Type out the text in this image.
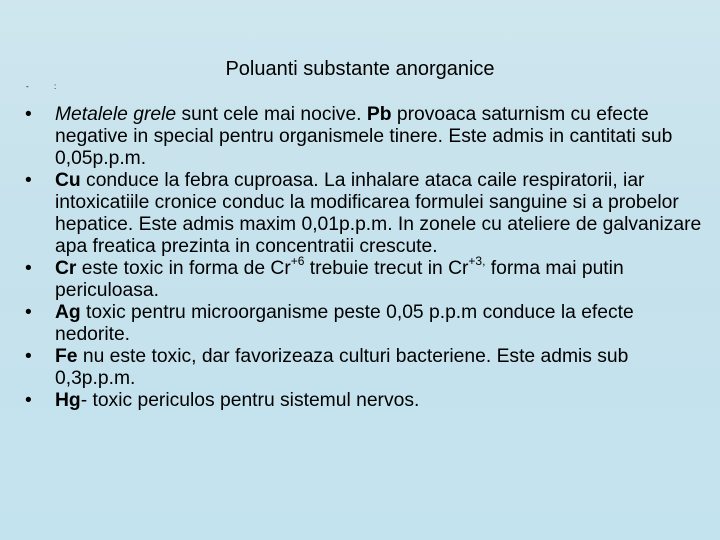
Poluanti substante anorganice
-	:
•	Metalele grele sunt cele mai nocive. Pb provoaca saturnism cu efecte negative in special pentru organismele tinere. Este admis in cantitati sub 0,05p.p.m.

•	Cu conduce la febra cuproasa. La inhalare ataca caile respiratorii, iar intoxicatiile cronice conduc la modificarea formulei sanguine si a probelor hepatice. Este admis maxim 0,01p.p.m. In zonele cu ateliere de galvanizare apa freatica prezinta in concentratii crescute.

•	Cr este toxic in forma de $Cr^{+6}$ trebuie trecut in $Cr^{+3,}$ forma mai putin periculoasa.

•	Ag toxic pentru microorganisme peste 0,05 p.p.m conduce la efecte nedorite.

•	Fe nu este toxic, dar favorizeaza culturi bacteriene. Este admis sub 0,3p.p.m.

•	Hg- toxic periculos pentru sistemul nervos.
